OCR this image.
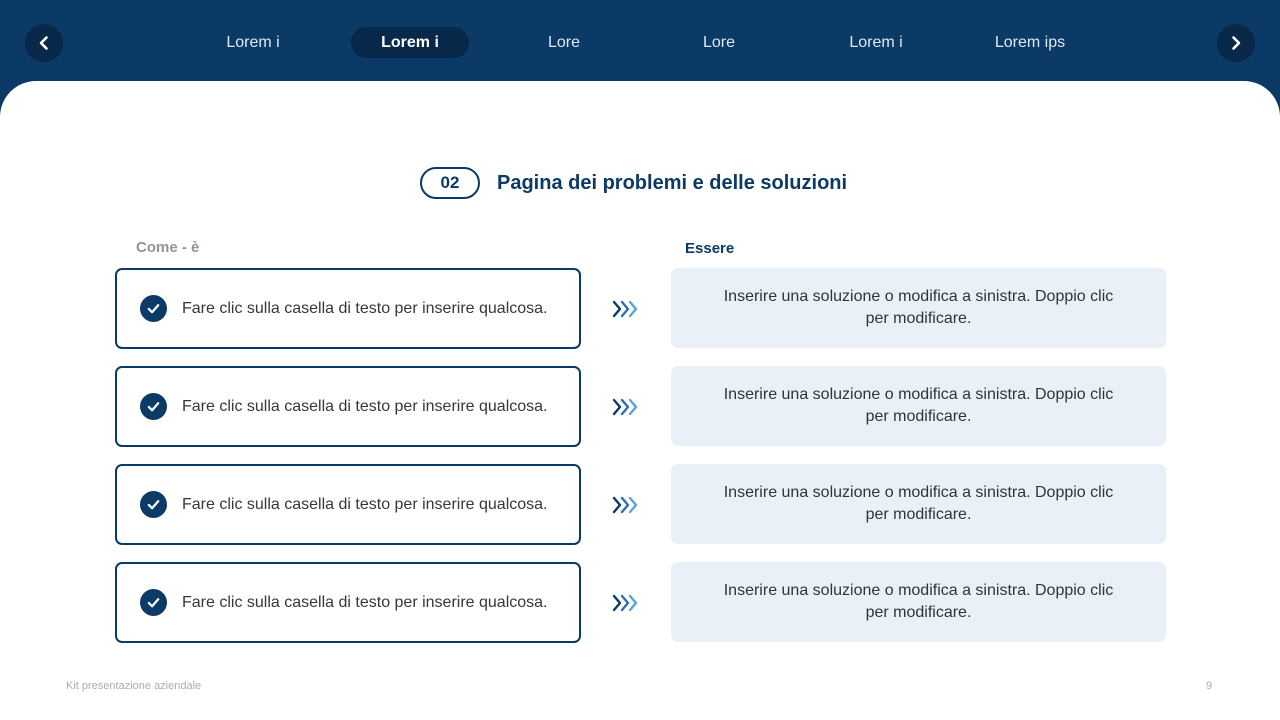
Lorem i	Lorem i	Lore	Lore	Lorem i	Lorem ips
02	Pagina dei problemi e delle soluzioni
Come - è	Essere
Fare clic sulla casella di testo per inserire qualcosa.
Inserire una soluzione o modifica a sinistra. Doppio clic per modificare.
Fare clic sulla casella di testo per inserire qualcosa.
Inserire una soluzione o modifica a sinistra. Doppio clic per modificare.
Fare clic sulla casella di testo per inserire qualcosa.
Inserire una soluzione o modifica a sinistra. Doppio clic per modificare.
Fare clic sulla casella di testo per inserire qualcosa.
Inserire una soluzione o modifica a sinistra. Doppio clic per modificare.
Kit presentazione aziendale	9
